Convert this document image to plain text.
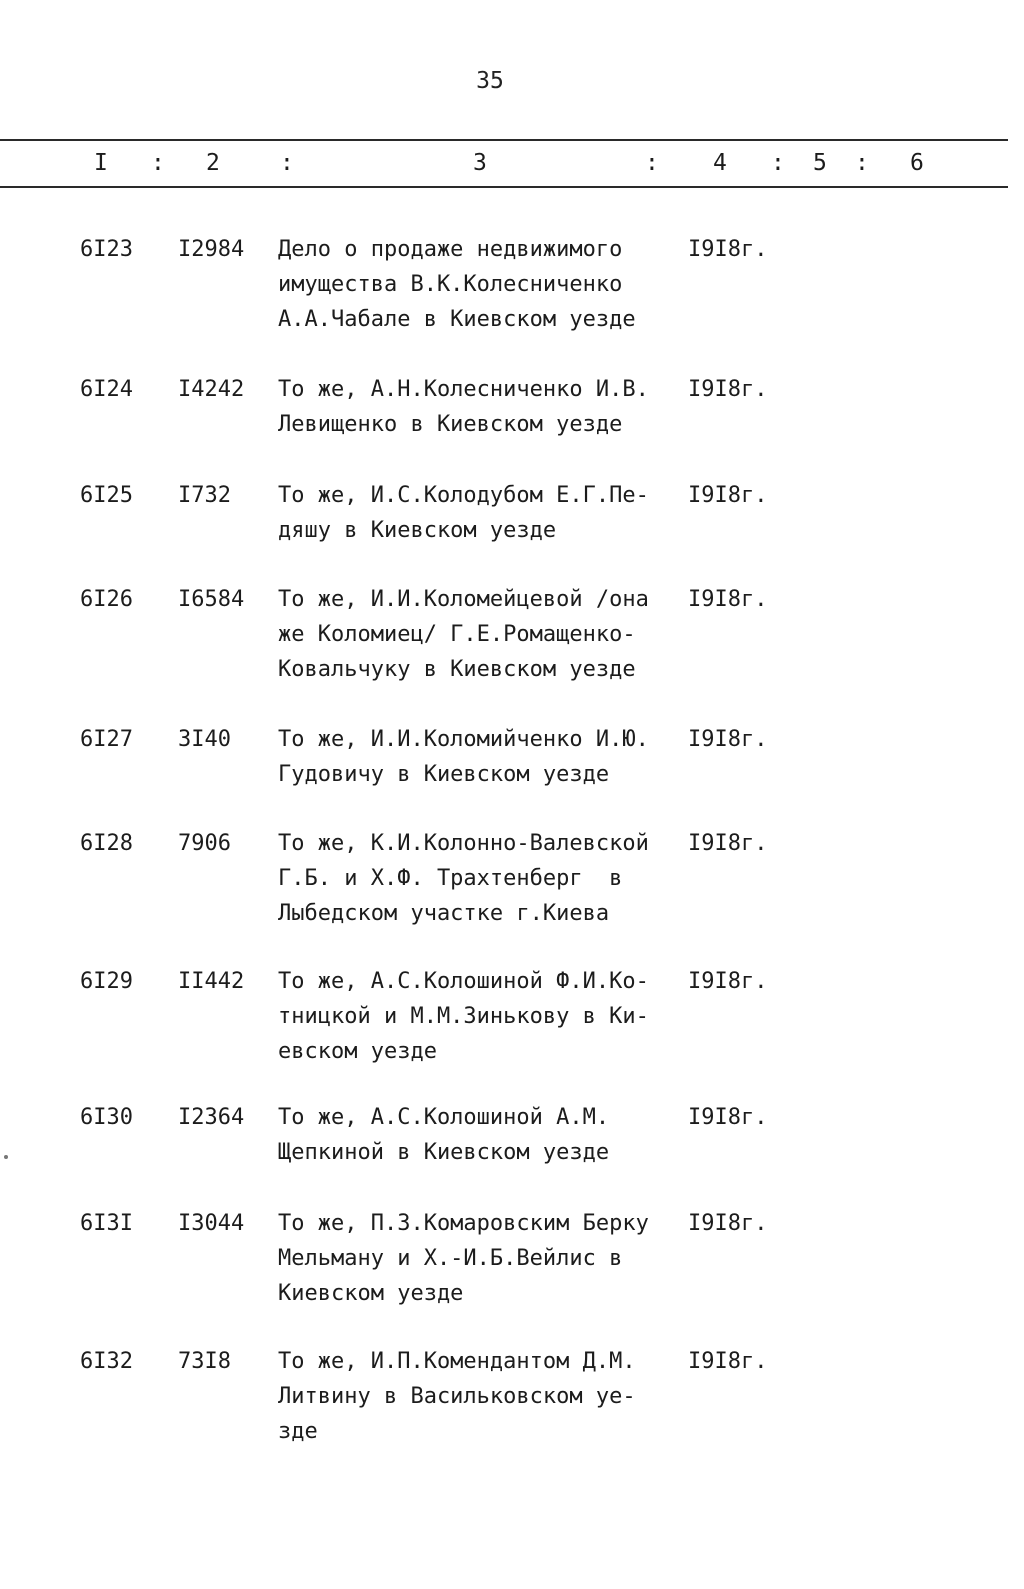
35
I : 2	:	3	: 4 : 5 : 6
6I23 I2984 Дело о продаже недвижимого
имущества В.К.Колесниченко
А.А.Чабале в Киевском уезде
I9I8г.
6I24 I4242 То же, А.Н.Колесниченко И.В.
Левищенко в Киевском уезде
I9I8г.
6I25 I732 То же, И.С.Колодубом Е.Г.Пе-
дяшу в Киевском уезде
I9I8г.
6I26 I6584 То же, И.И.Коломейцевой /она
же Коломиец/ Г.Е.Ромащенко-
Ковальчуку в Киевском уезде
I9I8г.
6I27 3I40 То же, И.И.Коломийченко И.Ю.
Гудовичу в Киевском уезде
I9I8г.
6I28 7906 То же, К.И.Колонно-Валевской
Г.Б. и Х.Ф. Трахтенберг  в
Лыбедском участке г.Киева
I9I8г.
6I29 II442 То же, А.С.Колошиной Ф.И.Ко-
тницкой и М.М.Зинькову в Ки-
евском уезде
I9I8г.
6I30 I2364 То же, А.С.Колошиной А.М.
Щепкиной в Киевском уезде
I9I8г.
6I3I I3044 То же, П.З.Комаровским Берку
Мельману и Х.-И.Б.Вейлис в
Киевском уезде
I9I8г.
6I32 73I8 То же, И.П.Комендантом Д.М.
Литвину в Васильковском уе-
зде
I9I8г.
